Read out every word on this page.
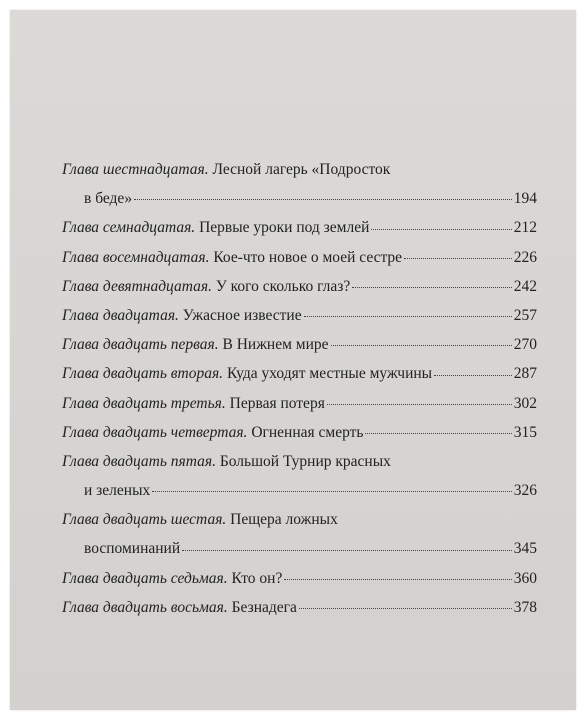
Глава шестнадцатая.
Лесной лагерь «Подросток
в беде»	194
Глава семнадцатая.
Первые уроки под землей	212
Глава восемнадцатая.
Кое-что новое о моей сестре	226
Глава девятнадцатая.
У кого сколько глаз?	242
Глава двадцатая.
Ужасное известие	257
Глава двадцать первая.
В Нижнем мире	270
Глава двадцать вторая.
Куда уходят местные мужчины	287
Глава двадцать третья.
Первая потеря	302
Глава двадцать четвертая.
Огненная смерть	315
Глава двадцать пятая.
Большой Турнир красных
и зеленых	326
Глава двадцать шестая.
Пещера ложных
воспоминаний	345
Глава двадцать седьмая.
Кто он?	360
Глава двадцать восьмая.
Безнадега	378
